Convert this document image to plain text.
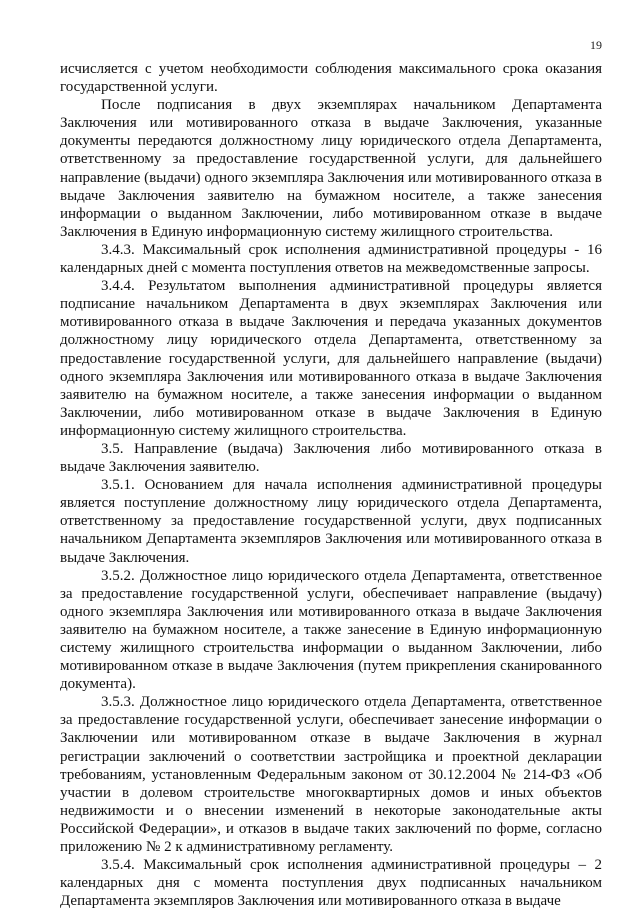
19

исчисляется с учетом необходимости соблюдения максимального срока оказания государственной услуги.

После подписания в двух экземплярах начальником Департамента Заключения или мотивированного отказа в выдаче Заключения, указанные документы передаются должностному лицу юридического отдела Департамента, ответственному за предоставление государственной услуги, для дальнейшего направление (выдачи) одного экземпляра Заключения или мотивированного отказа в выдаче Заключения заявителю на бумажном носителе, а также занесения информации о выданном Заключении, либо мотивированном отказе в выдаче Заключения в Единую информационную систему жилищного строительства.

3.4.3. Максимальный срок исполнения административной процедуры - 16 календарных дней с момента поступления ответов на межведомственные запросы.

3.4.4. Результатом выполнения административной процедуры является подписание начальником Департамента в двух экземплярах Заключения или мотивированного отказа в выдаче Заключения и передача указанных документов должностному лицу юридического отдела Департамента, ответственному за предоставление государственной услуги, для дальнейшего направление (выдачи) одного экземпляра Заключения или мотивированного отказа в выдаче Заключения заявителю на бумажном носителе, а также занесения информации о выданном Заключении, либо мотивированном отказе в выдаче Заключения в Единую информационную систему жилищного строительства.

3.5. Направление (выдача) Заключения либо мотивированного отказа в выдаче Заключения заявителю.

3.5.1. Основанием для начала исполнения административной процедуры является поступление должностному лицу юридического отдела Департамента, ответственному за предоставление государственной услуги, двух подписанных начальником Департамента экземпляров Заключения или мотивированного отказа в выдаче Заключения.

3.5.2. Должностное лицо юридического отдела Департамента, ответственное за предоставление государственной услуги, обеспечивает направление (выдачу) одного экземпляра Заключения или мотивированного отказа в выдаче Заключения заявителю на бумажном носителе, а также занесение в Единую информационную систему жилищного строительства информации о выданном Заключении, либо мотивированном отказе в выдаче Заключения (путем прикрепления сканированного документа).

3.5.3. Должностное лицо юридического отдела Департамента, ответственное за предоставление государственной услуги, обеспечивает занесение информации о Заключении или мотивированном отказе в выдаче Заключения в журнал регистрации заключений о соответствии застройщика и проектной декларации требованиям, установленным Федеральным законом от 30.12.2004 № 214-ФЗ «Об участии в долевом строительстве многоквартирных домов и иных объектов недвижимости и о внесении изменений в некоторые законодательные акты Российской Федерации», и отказов в выдаче таких заключений по форме, согласно приложению № 2 к административному регламенту.

3.5.4. Максимальный срок исполнения административной процедуры – 2 календарных дня с момента поступления двух подписанных начальником Департамента экземпляров Заключения или мотивированного отказа в выдаче
